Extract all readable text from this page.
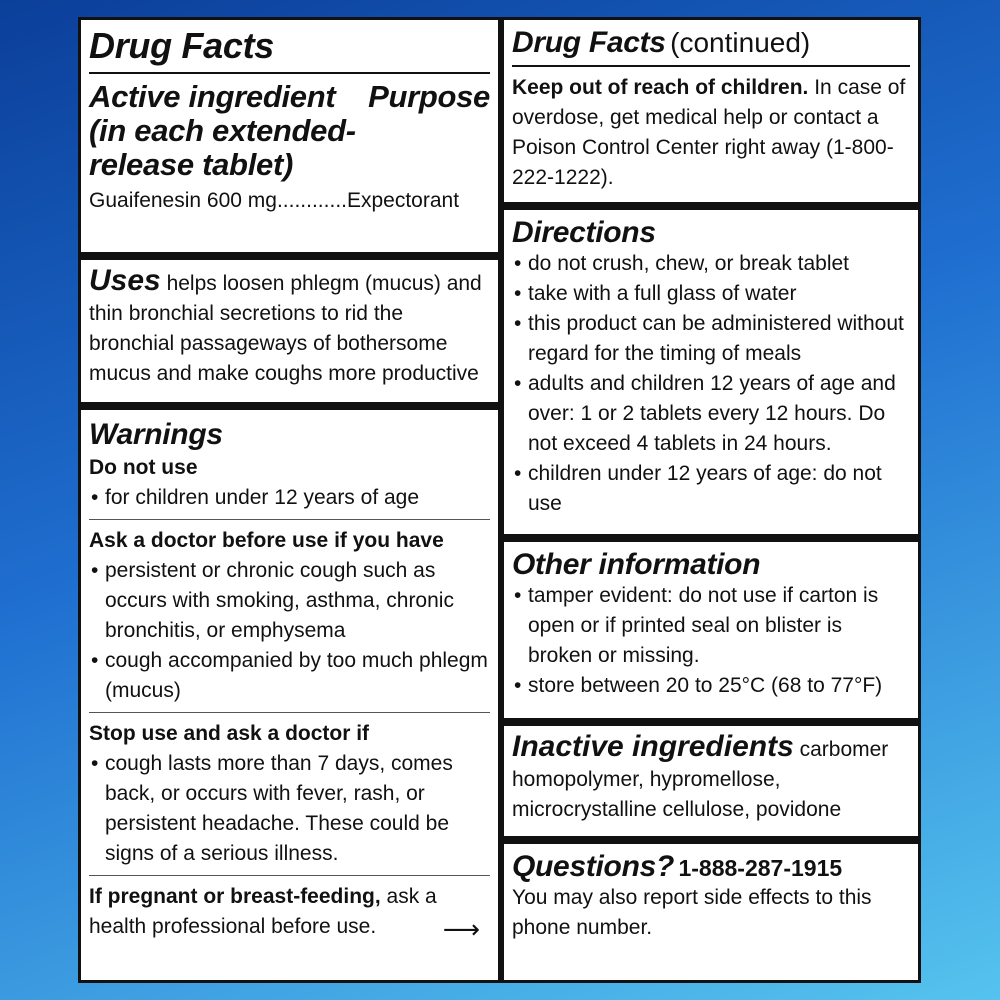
Drug Facts
Active ingredient (in each extended-release tablet)
Purpose
Guaifenesin 600 mg............Expectorant
Uses helps loosen phlegm (mucus) and thin bronchial secretions to rid the bronchial passageways of bothersome mucus and make coughs more productive
Warnings
Do not use
• for children under 12 years of age
Ask a doctor before use if you have
• persistent or chronic cough such as occurs with smoking, asthma, chronic bronchitis, or emphysema
• cough accompanied by too much phlegm (mucus)
Stop use and ask a doctor if
• cough lasts more than 7 days, comes back, or occurs with fever, rash, or persistent headache. These could be signs of a serious illness.
If pregnant or breast-feeding, ask a health professional before use.	⟶
Drug Facts (continued)
Keep out of reach of children. In case of overdose, get medical help or contact a Poison Control Center right away (1-800-222-1222).
Directions
• do not crush, chew, or break tablet
• take with a full glass of water
• this product can be administered without regard for the timing of meals
• adults and children 12 years of age and over: 1 or 2 tablets every 12 hours. Do not exceed 4 tablets in 24 hours.
• children under 12 years of age: do not use
Other information
• tamper evident: do not use if carton is open or if printed seal on blister is broken or missing.
• store between 20 to 25°C (68 to 77°F)
Inactive ingredients carbomer homopolymer, hypromellose, microcrystalline cellulose, povidone
Questions? 1-888-287-1915
You may also report side effects to this phone number.
